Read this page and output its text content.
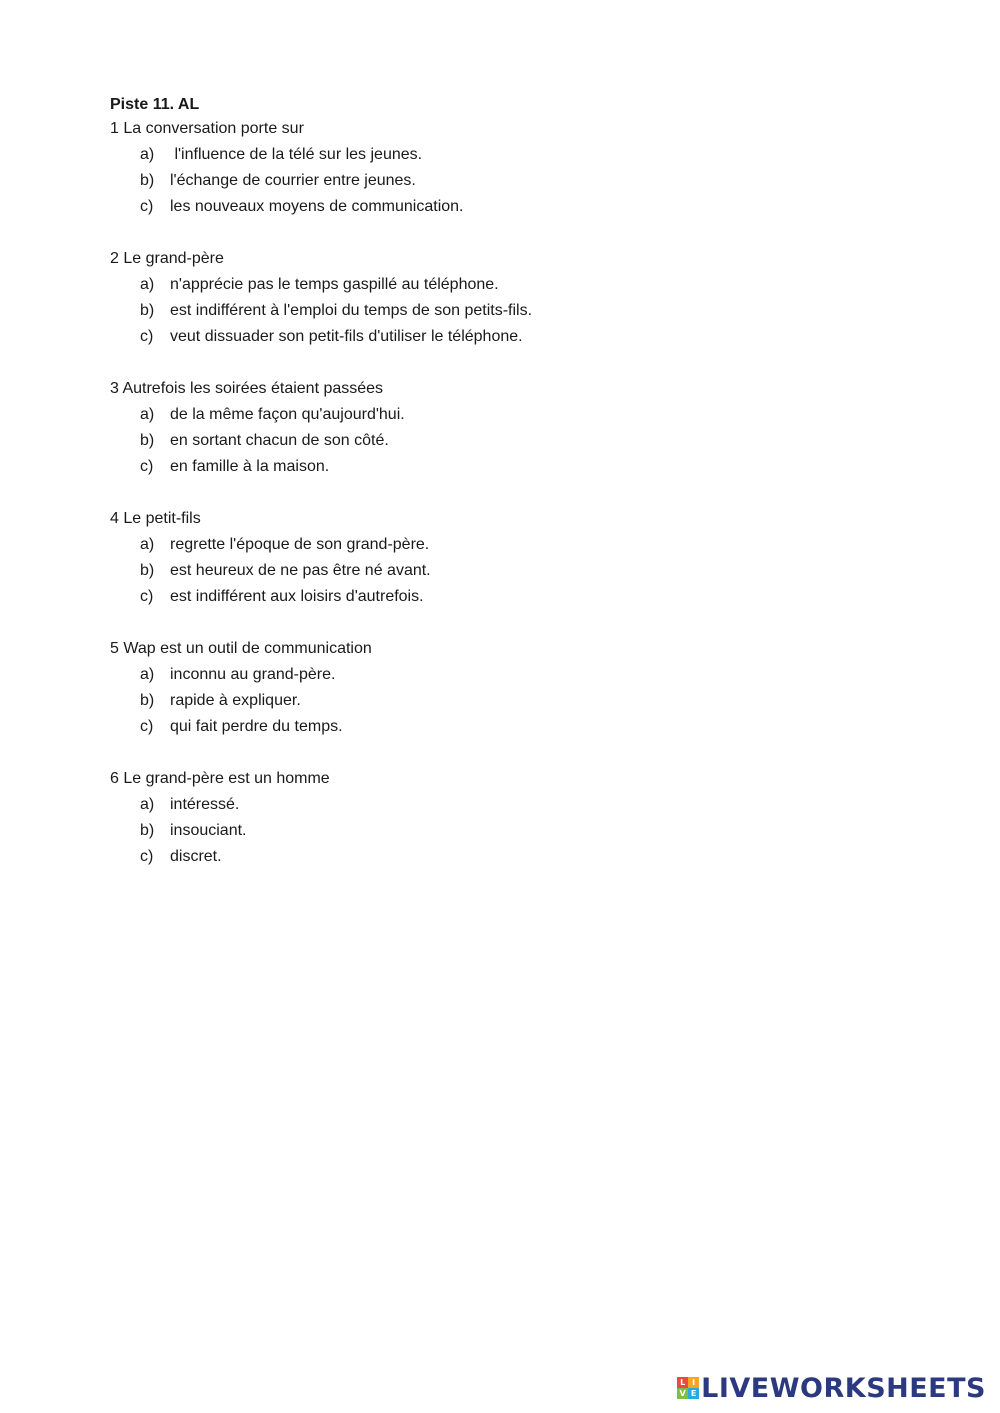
Piste 11. AL

1 La conversation porte sur

a) l'influence de la télé sur les jeunes.
b) l'échange de courrier entre jeunes.
c) les nouveaux moyens de communication.

2 Le grand-père

a) n'apprécie pas le temps gaspillé au téléphone.
b) est indifférent à l'emploi du temps de son petits-fils.
c) veut dissuader son petit-fils d'utiliser le téléphone.

3 Autrefois les soirées étaient passées

a) de la même façon qu'aujourd'hui.
b) en sortant chacun de son côté.
c) en famille à la maison.

4 Le petit-fils

a) regrette l'époque de son grand-père.
b) est heureux de ne pas être né avant.
c) est indifférent aux loisirs d'autrefois.

5 Wap est un outil de communication

a) inconnu au grand-père.
b) rapide à expliquer.
c) qui fait perdre du temps.

6 Le grand-père est un homme

a) intéressé.
b) insouciant.
c) discret.
L I
V E LIVEWORKSHEETS
